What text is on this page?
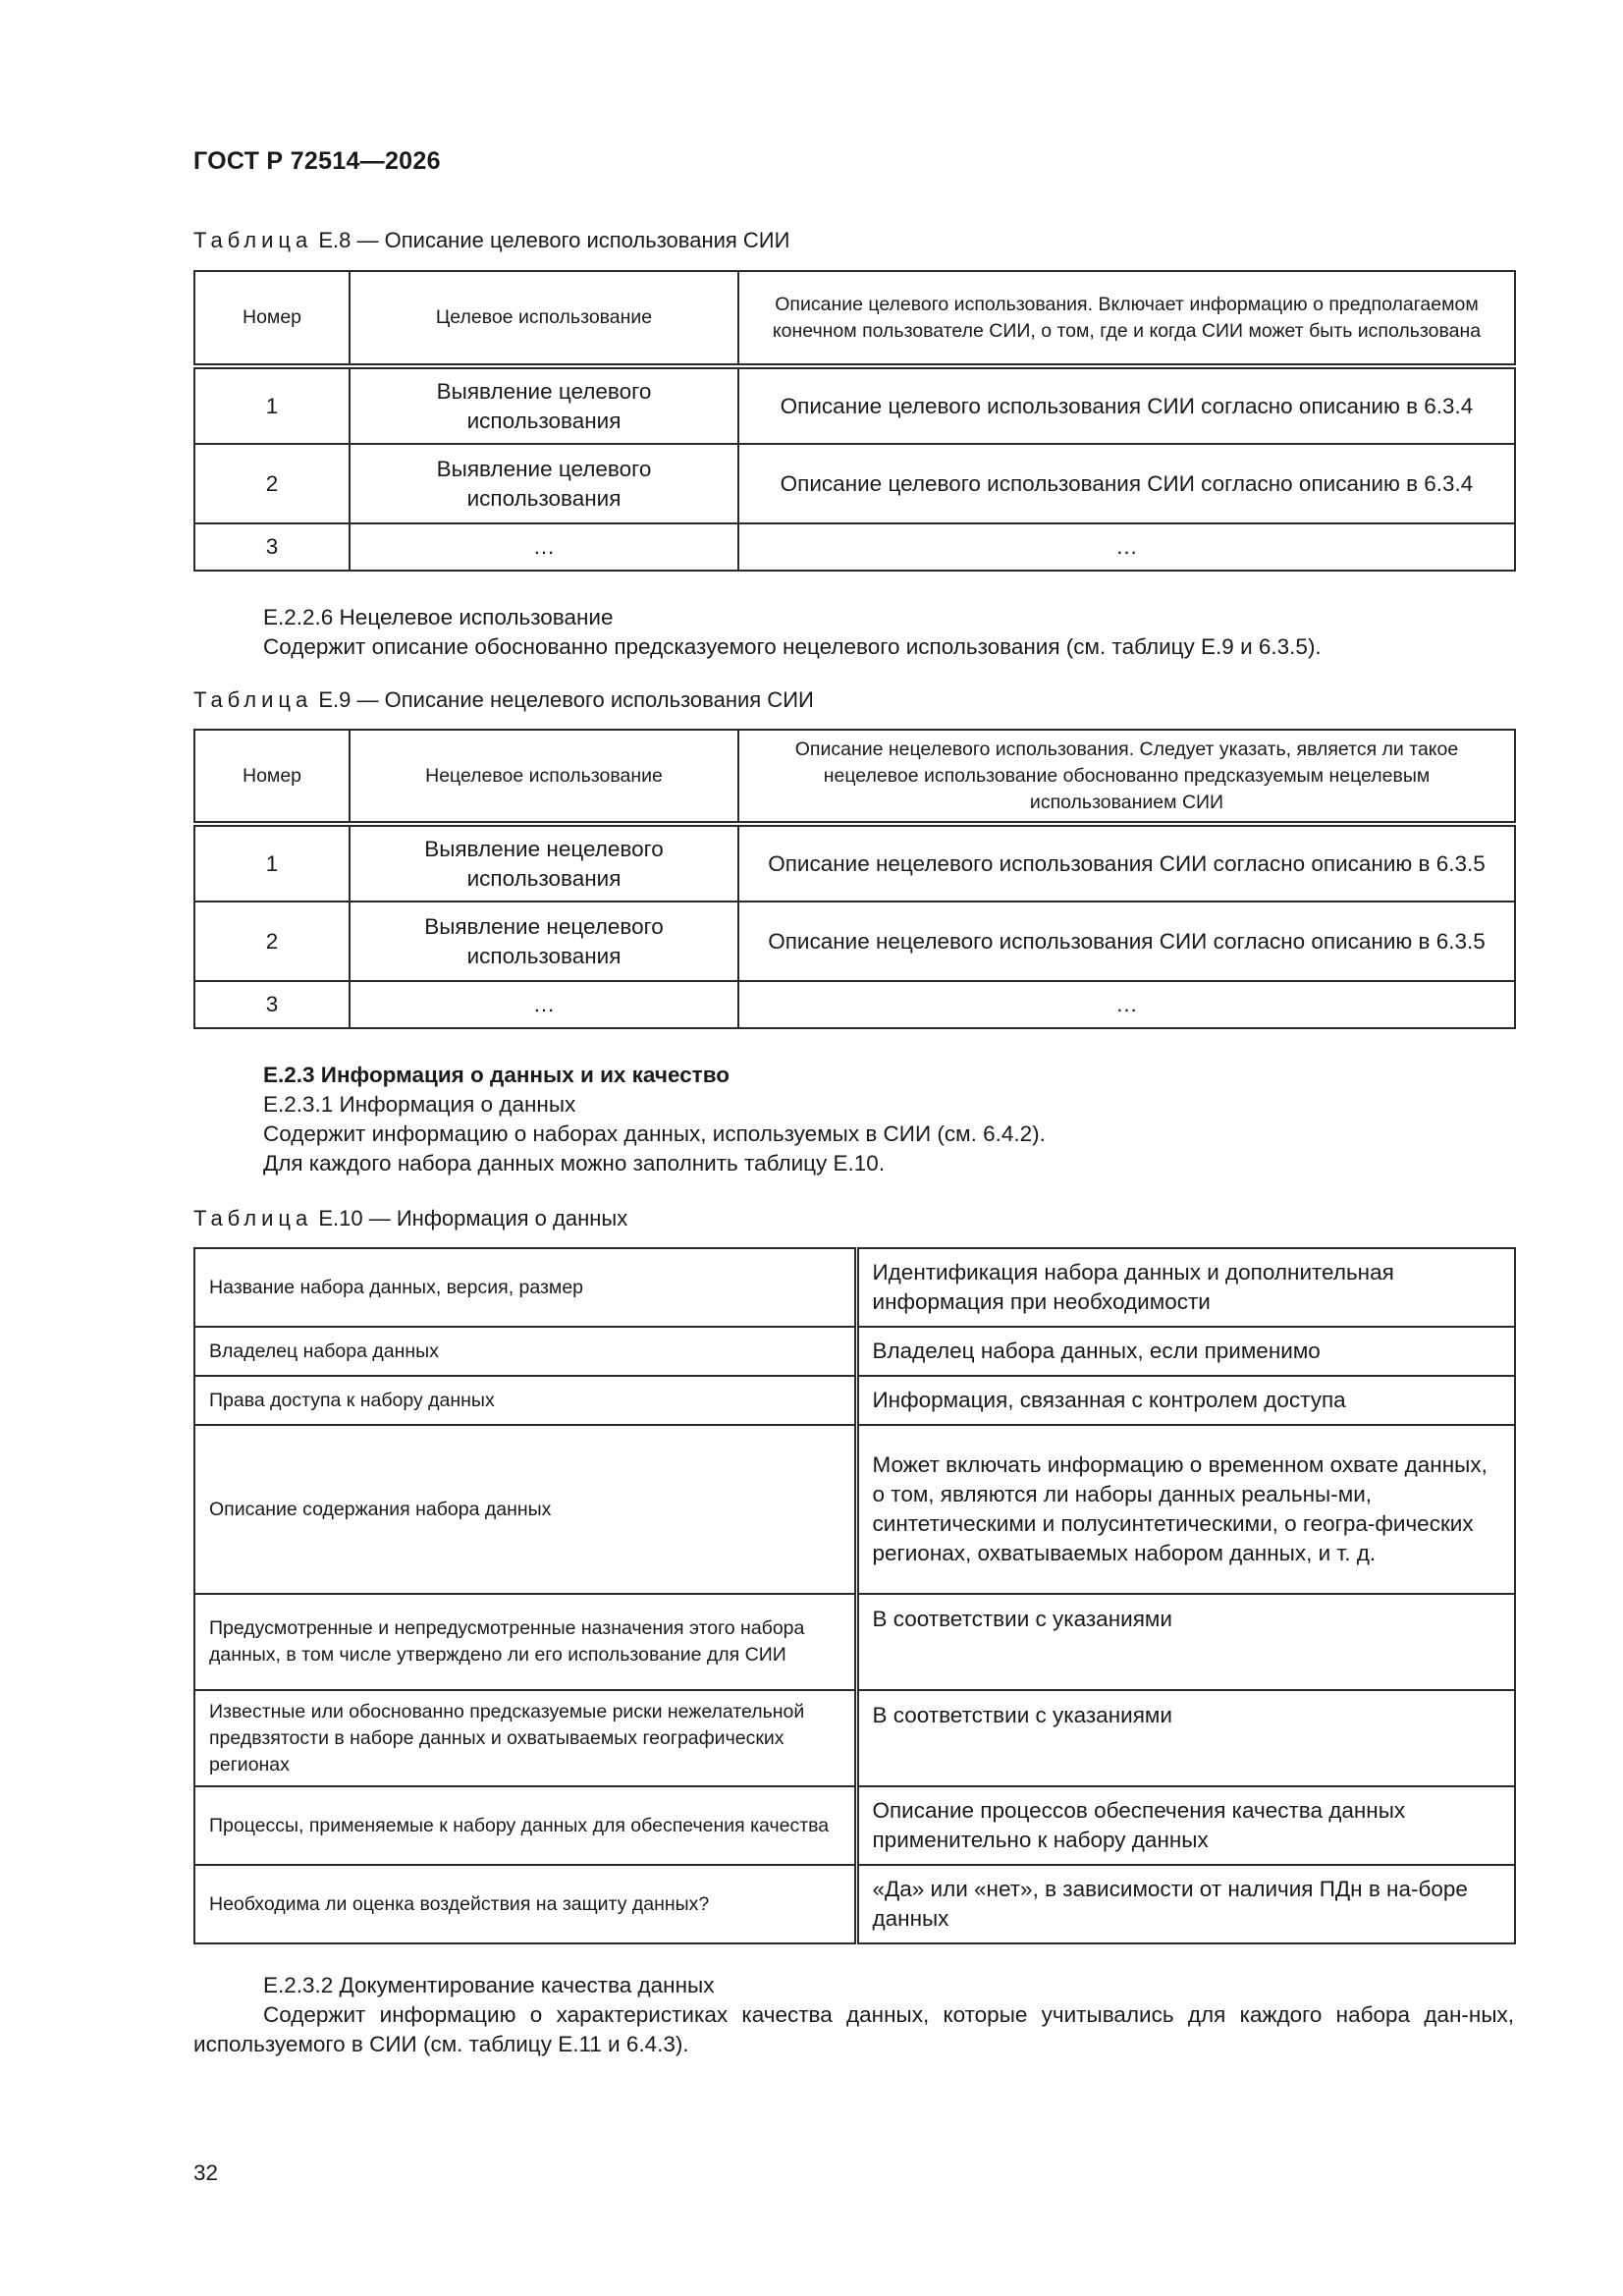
ГОСТ Р 72514—2026
Таблица Е.8 — Описание целевого использования СИИ
Номер	Целевое использование	Описание целевого использования. Включает информацию о предполагаемом конечном пользователе СИИ, о том, где и когда СИИ может быть использована
1	Выявление целевого использования	Описание целевого использования СИИ согласно описанию в 6.3.4
2	Выявление целевого использования	Описание целевого использования СИИ согласно описанию в 6.3.4
3	…	…
Е.2.2.6 Нецелевое использование
Содержит описание обоснованно предсказуемого нецелевого использования (см. таблицу Е.9 и 6.3.5).
Таблица Е.9 — Описание нецелевого использования СИИ
Номер	Нецелевое использование	Описание нецелевого использования. Следует указать, является ли такое нецелевое использование обоснованно предсказуемым нецелевым использованием СИИ
1	Выявление нецелевого использования	Описание нецелевого использования СИИ согласно описанию в 6.3.5
2	Выявление нецелевого использования	Описание нецелевого использования СИИ согласно описанию в 6.3.5
3	…	…
Е.2.3 Информация о данных и их качество
Е.2.3.1 Информация о данных
Содержит информацию о наборах данных, используемых в СИИ (см. 6.4.2).
Для каждого набора данных можно заполнить таблицу Е.10.
Таблица Е.10 — Информация о данных
Название набора данных, версия, размер	Идентификация набора данных и дополнительная информация при необходимости
Владелец набора данных	Владелец набора данных, если применимо
Права доступа к набору данных	Информация, связанная с контролем доступа
Описание содержания набора данных	Может включать информацию о временном охвате данных, о том, являются ли наборы данных реальны-ми, синтетическими и полусинтетическими, о геогра-фических регионах, охватываемых набором данных, и т. д.
Предусмотренные и непредусмотренные назначения этого набора данных, в том числе утверждено ли его использование для СИИ	В соответствии с указаниями
Известные или обоснованно предсказуемые риски нежелательной предвзятости в наборе данных и охватываемых географических регионах	В соответствии с указаниями
Процессы, применяемые к набору данных для обеспечения качества	Описание процессов обеспечения качества данных применительно к набору данных
Необходима ли оценка воздействия на защиту данных?	«Да» или «нет», в зависимости от наличия ПДн в на-боре данных
Е.2.3.2 Документирование качества данных
Содержит информацию о характеристиках качества данных, которые учитывались для каждого набора дан-ных, используемого в СИИ (см. таблицу Е.11 и 6.4.3).
32
